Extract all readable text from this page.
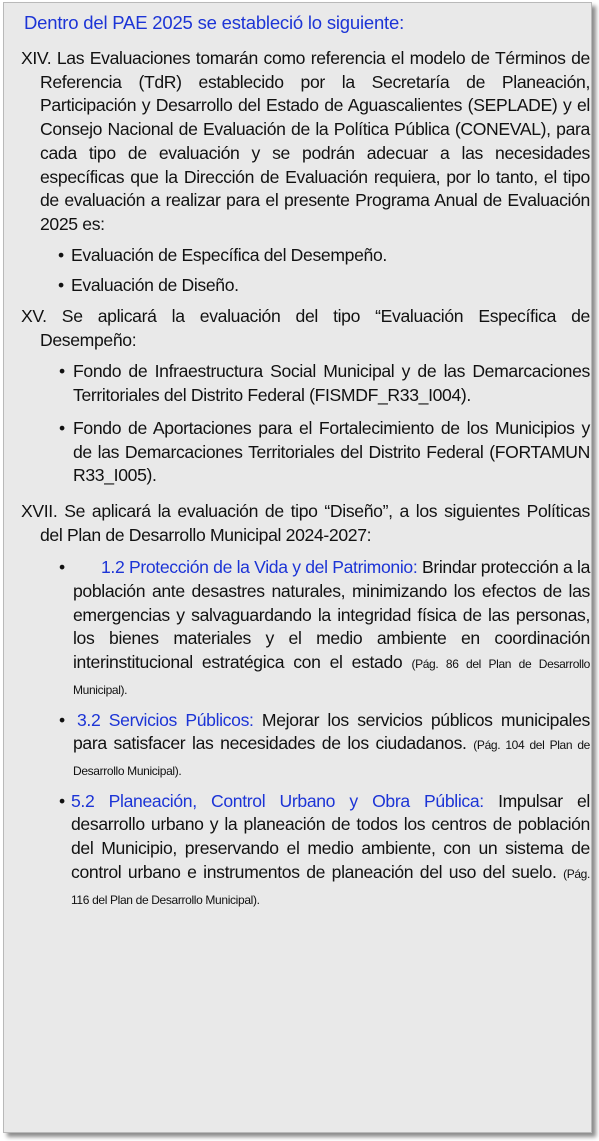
Dentro del PAE 2025 se estableció lo siguiente:
XIV. Las Evaluaciones tomarán como referencia el modelo de Términos de Referencia (TdR) establecido por la Secretaría de Planeación, Participación y Desarrollo del Estado de Aguascalientes (SEPLADE) y el Consejo Nacional de Evaluación de la Política Pública (CONEVAL), para cada tipo de evaluación y se podrán adecuar a las necesidades específicas que la Dirección de Evaluación requiera, por lo tanto, el tipo de evaluación a realizar para el presente Programa Anual de Evaluación 2025 es:
• Evaluación de Específica del Desempeño.
• Evaluación de Diseño.
XV. Se aplicará la evaluación del tipo “Evaluación Específica de Desempeño:
• Fondo de Infraestructura Social Municipal y de las Demarcaciones Territoriales del Distrito Federal (FISMDF_R33_I004).
• Fondo de Aportaciones para el Fortalecimiento de los Municipios y de las Demarcaciones Territoriales del Distrito Federal (FORTAMUN R33_I005).
XVII. Se aplicará la evaluación de tipo “Diseño”, a los siguientes Políticas del Plan de Desarrollo Municipal 2024-2027:
• 1.2 Protección de la Vida y del Patrimonio: Brindar protección a la población ante desastres naturales, minimizando los efectos de las emergencias y salvaguardando la integridad física de las personas, los bienes materiales y el medio ambiente en coordinación interinstitucional estratégica con el estado (Pág. 86 del Plan de Desarrollo Municipal).
• 3.2 Servicios Públicos: Mejorar los servicios públicos municipales para satisfacer las necesidades de los ciudadanos. (Pág. 104 del Plan de Desarrollo Municipal).
• 5.2 Planeación, Control Urbano y Obra Pública: Impulsar el desarrollo urbano y la planeación de todos los centros de población del Municipio, preservando el medio ambiente, con un sistema de control urbano e instrumentos de planeación del uso del suelo. (Pág. 116 del Plan de Desarrollo Municipal).
